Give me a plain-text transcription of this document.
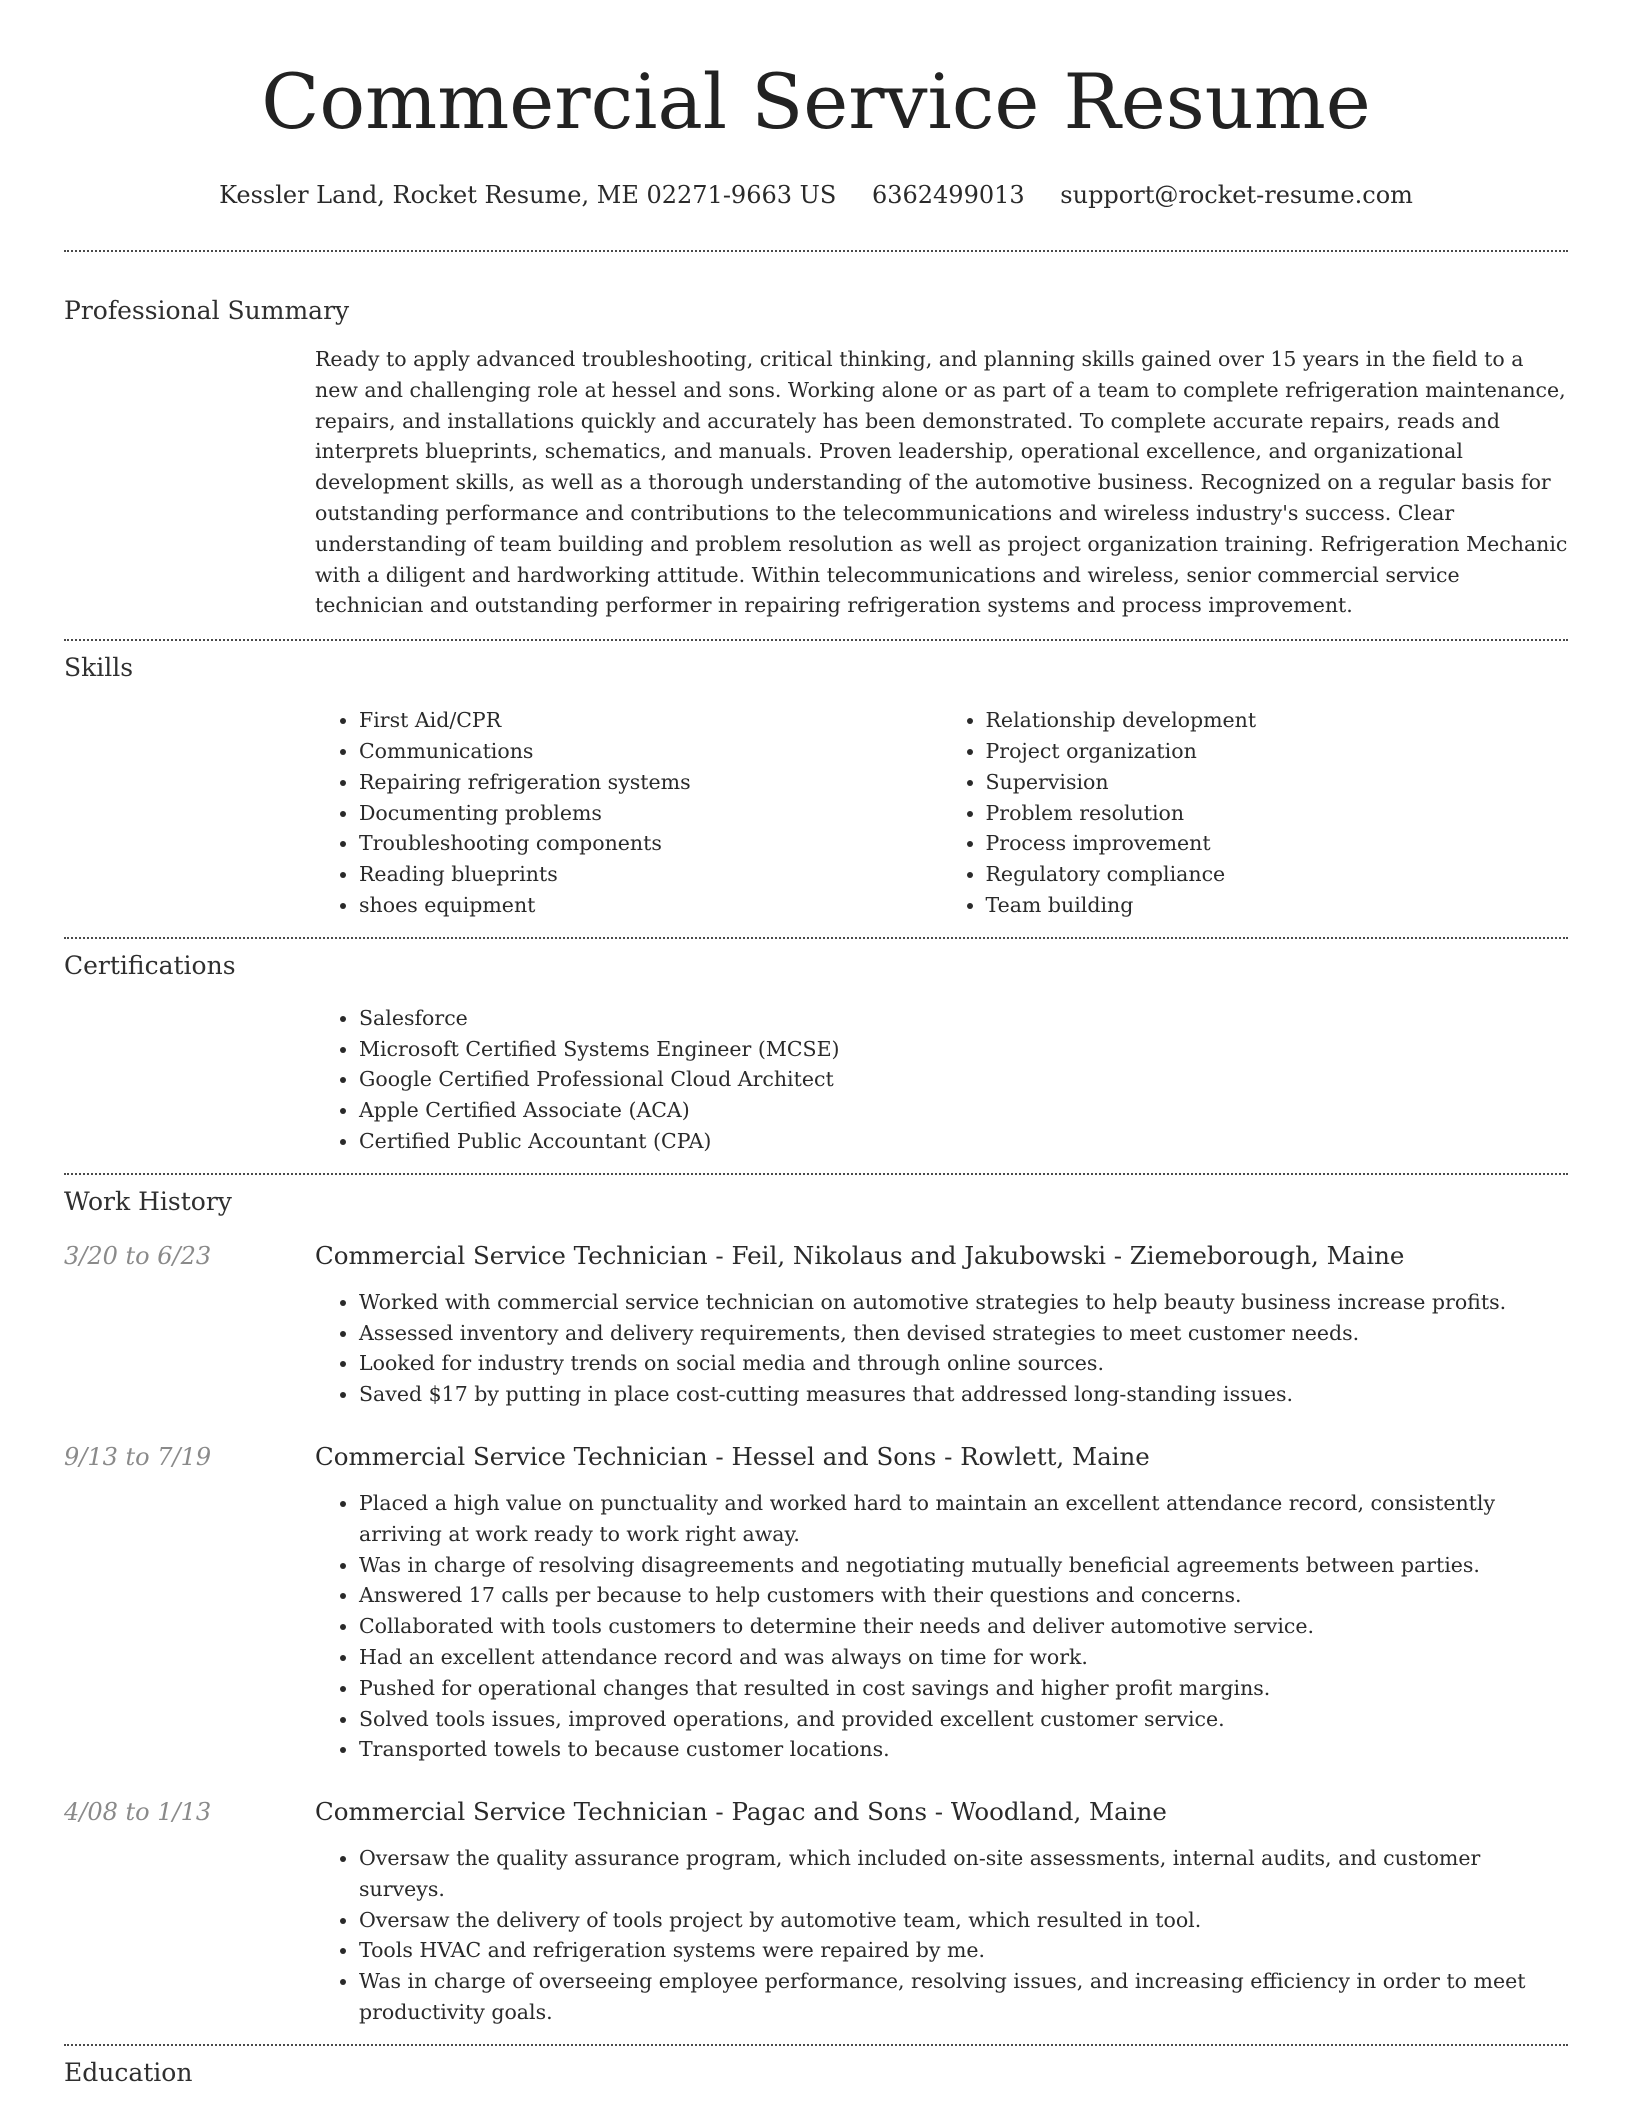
Commercial Service Resume
Kessler Land, Rocket Resume, ME 02271-9663 US 6362499013 support@rocket-resume.com
Professional Summary

Ready to apply advanced troubleshooting, critical thinking, and planning skills gained over 15 years in the field to a new and challenging role at hessel and sons. Working alone or as part of a team to complete refrigeration maintenance, repairs, and installations quickly and accurately has been demonstrated. To complete accurate repairs, reads and interprets blueprints, schematics, and manuals. Proven leadership, operational excellence, and organizational development skills, as well as a thorough understanding of the automotive business. Recognized on a regular basis for outstanding performance and contributions to the telecommunications and wireless industry's success. Clear understanding of team building and problem resolution as well as project organization training. Refrigeration Mechanic with a diligent and hardworking attitude. Within telecommunications and wireless, senior commercial service technician and outstanding performer in repairing refrigeration systems and process improvement.

Skills
• First Aid/CPR
• Communications
• Repairing refrigeration systems
• Documenting problems
• Troubleshooting components
• Reading blueprints
• shoes equipment
• Relationship development
• Project organization
• Supervision
• Problem resolution
• Process improvement
• Regulatory compliance
• Team building
Certifications
• Salesforce
• Microsoft Certified Systems Engineer (MCSE)
• Google Certified Professional Cloud Architect
• Apple Certified Associate (ACA)
• Certified Public Accountant (CPA)
Work History
3/20 to 6/23	Commercial Service Technician - Feil, Nikolaus and Jakubowski - Ziemeborough, Maine
• Worked with commercial service technician on automotive strategies to help beauty business increase profits.
• Assessed inventory and delivery requirements, then devised strategies to meet customer needs.
• Looked for industry trends on social media and through online sources.
• Saved $17 by putting in place cost-cutting measures that addressed long-standing issues.
9/13 to 7/19	Commercial Service Technician - Hessel and Sons - Rowlett, Maine
• Placed a high value on punctuality and worked hard to maintain an excellent attendance record, consistently arriving at work ready to work right away.
• Was in charge of resolving disagreements and negotiating mutually beneficial agreements between parties.
• Answered 17 calls per because to help customers with their questions and concerns.
• Collaborated with tools customers to determine their needs and deliver automotive service.
• Had an excellent attendance record and was always on time for work.
• Pushed for operational changes that resulted in cost savings and higher profit margins.
• Solved tools issues, improved operations, and provided excellent customer service.
• Transported towels to because customer locations.
4/08 to 1/13	Commercial Service Technician - Pagac and Sons - Woodland, Maine
• Oversaw the quality assurance program, which included on-site assessments, internal audits, and customer surveys.
• Oversaw the delivery of tools project by automotive team, which resulted in tool.
• Tools HVAC and refrigeration systems were repaired by me.
• Was in charge of overseeing employee performance, resolving issues, and increasing efficiency in order to meet productivity goals.
Education
